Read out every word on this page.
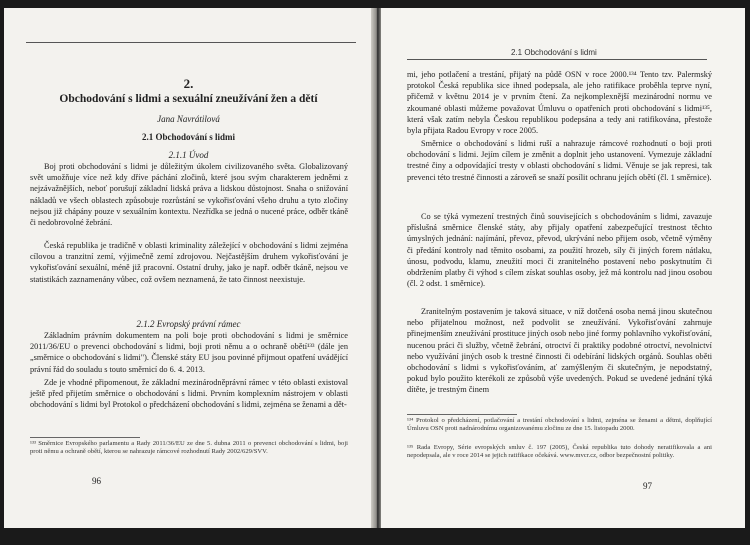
2.
Obchodování s lidmi a sexuální zneužívání žen a dětí
Jana Navrátilová
2.1 Obchodování s lidmi
2.1.1 Úvod
Boj proti obchodování s lidmi je důležitým úkolem civilizovaného světa. Globalizovaný svět umožňuje více než kdy dříve páchání zločinů, které jsou svým charakterem jedněmi z nejzávažnějších, neboť porušují základní lidská práva a lidskou důstojnost. Snaha o snižování nákladů ve všech oblastech způsobuje rozrůstání se vykořisťování všeho druhu a tyto zločiny nejsou již chápány pouze v sexuálním kontextu. Nezřídka se jedná o nucené práce, odběr tkáně či nedobrovolné žebrání.
Česká republika je tradičně v oblasti kriminality záležející v obchodování s lidmi zejména cílovou a tranzitní zemí, výjimečně zemí zdrojovou. Nejčastějším druhem vykořisťování je vykořisťování sexuální, méně již pracovní. Ostatní druhy, jako je např. odběr tkáně, nejsou ve statistikách zaznamenány vůbec, což ovšem neznamená, že tato činnost neexistuje.
2.1.2 Evropský právní rámec
Základním právním dokumentem na poli boje proti obchodování s lidmi je směrnice 2011/36/EU o prevenci obchodování s lidmi, boji proti němu a o ochraně obětí¹³³ (dále jen „směrnice o obchodování s lidmi"). Členské státy EU jsou povinné přijmout opatření uvádějící právní řád do souladu s touto směrnicí do 6. 4. 2013.
Zde je vhodné připomenout, že základní mezinárodněprávní rámec v této oblasti existoval ještě před přijetím směrnice o obchodování s lidmi. Prvním komplexním nástrojem v oblasti obchodování s lidmi byl Protokol o předcházení obchodování s lidmi, zejména se ženami a dět-
¹³³ Směrnice Evropského parlamentu a Rady 2011/36/EU ze dne 5. dubna 2011 o prevenci obchodování s lidmi, boji proti němu a ochraně obětí, kterou se nahrazuje rámcové rozhodnutí Rady 2002/629/SVV.
96
2.1 Obchodování s lidmi
mi, jeho potlačení a trestání, přijatý na půdě OSN v roce 2000.¹³⁴ Tento tzv. Palermský protokol Česká republika sice ihned podepsala, ale jeho ratifikace proběhla teprve nyní, přičemž v květnu 2014 je v prvním čtení. Za nejkomplexnější mezinárodní normu ve zkoumané oblasti můžeme považovat Úmluvu o opatřeních proti obchodování s lidmi¹³⁵, která však zatím nebyla Českou republikou podepsána a tedy ani ratifikována, přestože byla přijata Radou Evropy v roce 2005.
Směrnice o obchodování s lidmi ruší a nahrazuje rámcové rozhodnutí o boji proti obchodování s lidmi. Jejím cílem je změnit a doplnit jeho ustanovení. Vymezuje základní trestné činy a odpovídající tresty v oblasti obchodování s lidmi. Věnuje se jak represi, tak prevenci této trestné činnosti a zároveň se snaží posílit ochranu jejích obětí (čl. 1 směrnice).
Co se týká vymezení trestných činů souvisejících s obchodováním s lidmi, zavazuje příslušná směrnice členské státy, aby přijaly opatření zabezpečující trestnost těchto úmyslných jednání: najímání, převoz, převod, ukrývání nebo přijem osob, včetně výměny či předání kontroly nad těmito osobami, za použití hrozeb, síly či jiných forem nátlaku, únosu, podvodu, klamu, zneužití moci či zranitelného postavení nebo poskytnutím či obdržením platby či výhod s cílem získat souhlas osoby, jež má kontrolu nad jinou osobou (čl. 2 odst. 1 směrnice).
Zranitelným postavením je taková situace, v níž dotčená osoba nemá jinou skutečnou nebo přijatelnou možnost, než podvolit se zneužívání. Vykořisťování zahrnuje přinejmenším zneužívání prostituce jiných osob nebo jiné formy pohlavního vykořisťování, nucenou práci či služby, včetně žebrání, otroctví či praktiky podobné otroctví, nevolnictví nebo využívání jiných osob k trestné činnosti či odebírání lidských orgánů. Souhlas oběti obchodování s lidmi s vykořisťováním, ať zamýšleným či skutečným, je nepodstatný, pokud bylo použito kterékoli ze způsobů výše uvedených. Pokud se uvedené jednání týká dítěte, je trestným činem
¹³⁴ Protokol o předcházení, potlačování a trestání obchodování s lidmi, zejména se ženami a dětmi, doplňující Úmluvu OSN proti nadnárodnímu organizovanému zločinu ze dne 15. listopadu 2000.
¹³⁵ Rada Evropy, Série evropských smluv č. 197 (2005), Česká republika tuto dohody neratifikovala a ani nepodepsala, ale v roce 2014 se jejich ratifikace očekává. www.mvcr.cz, odbor bezpečnostní politiky.
97
